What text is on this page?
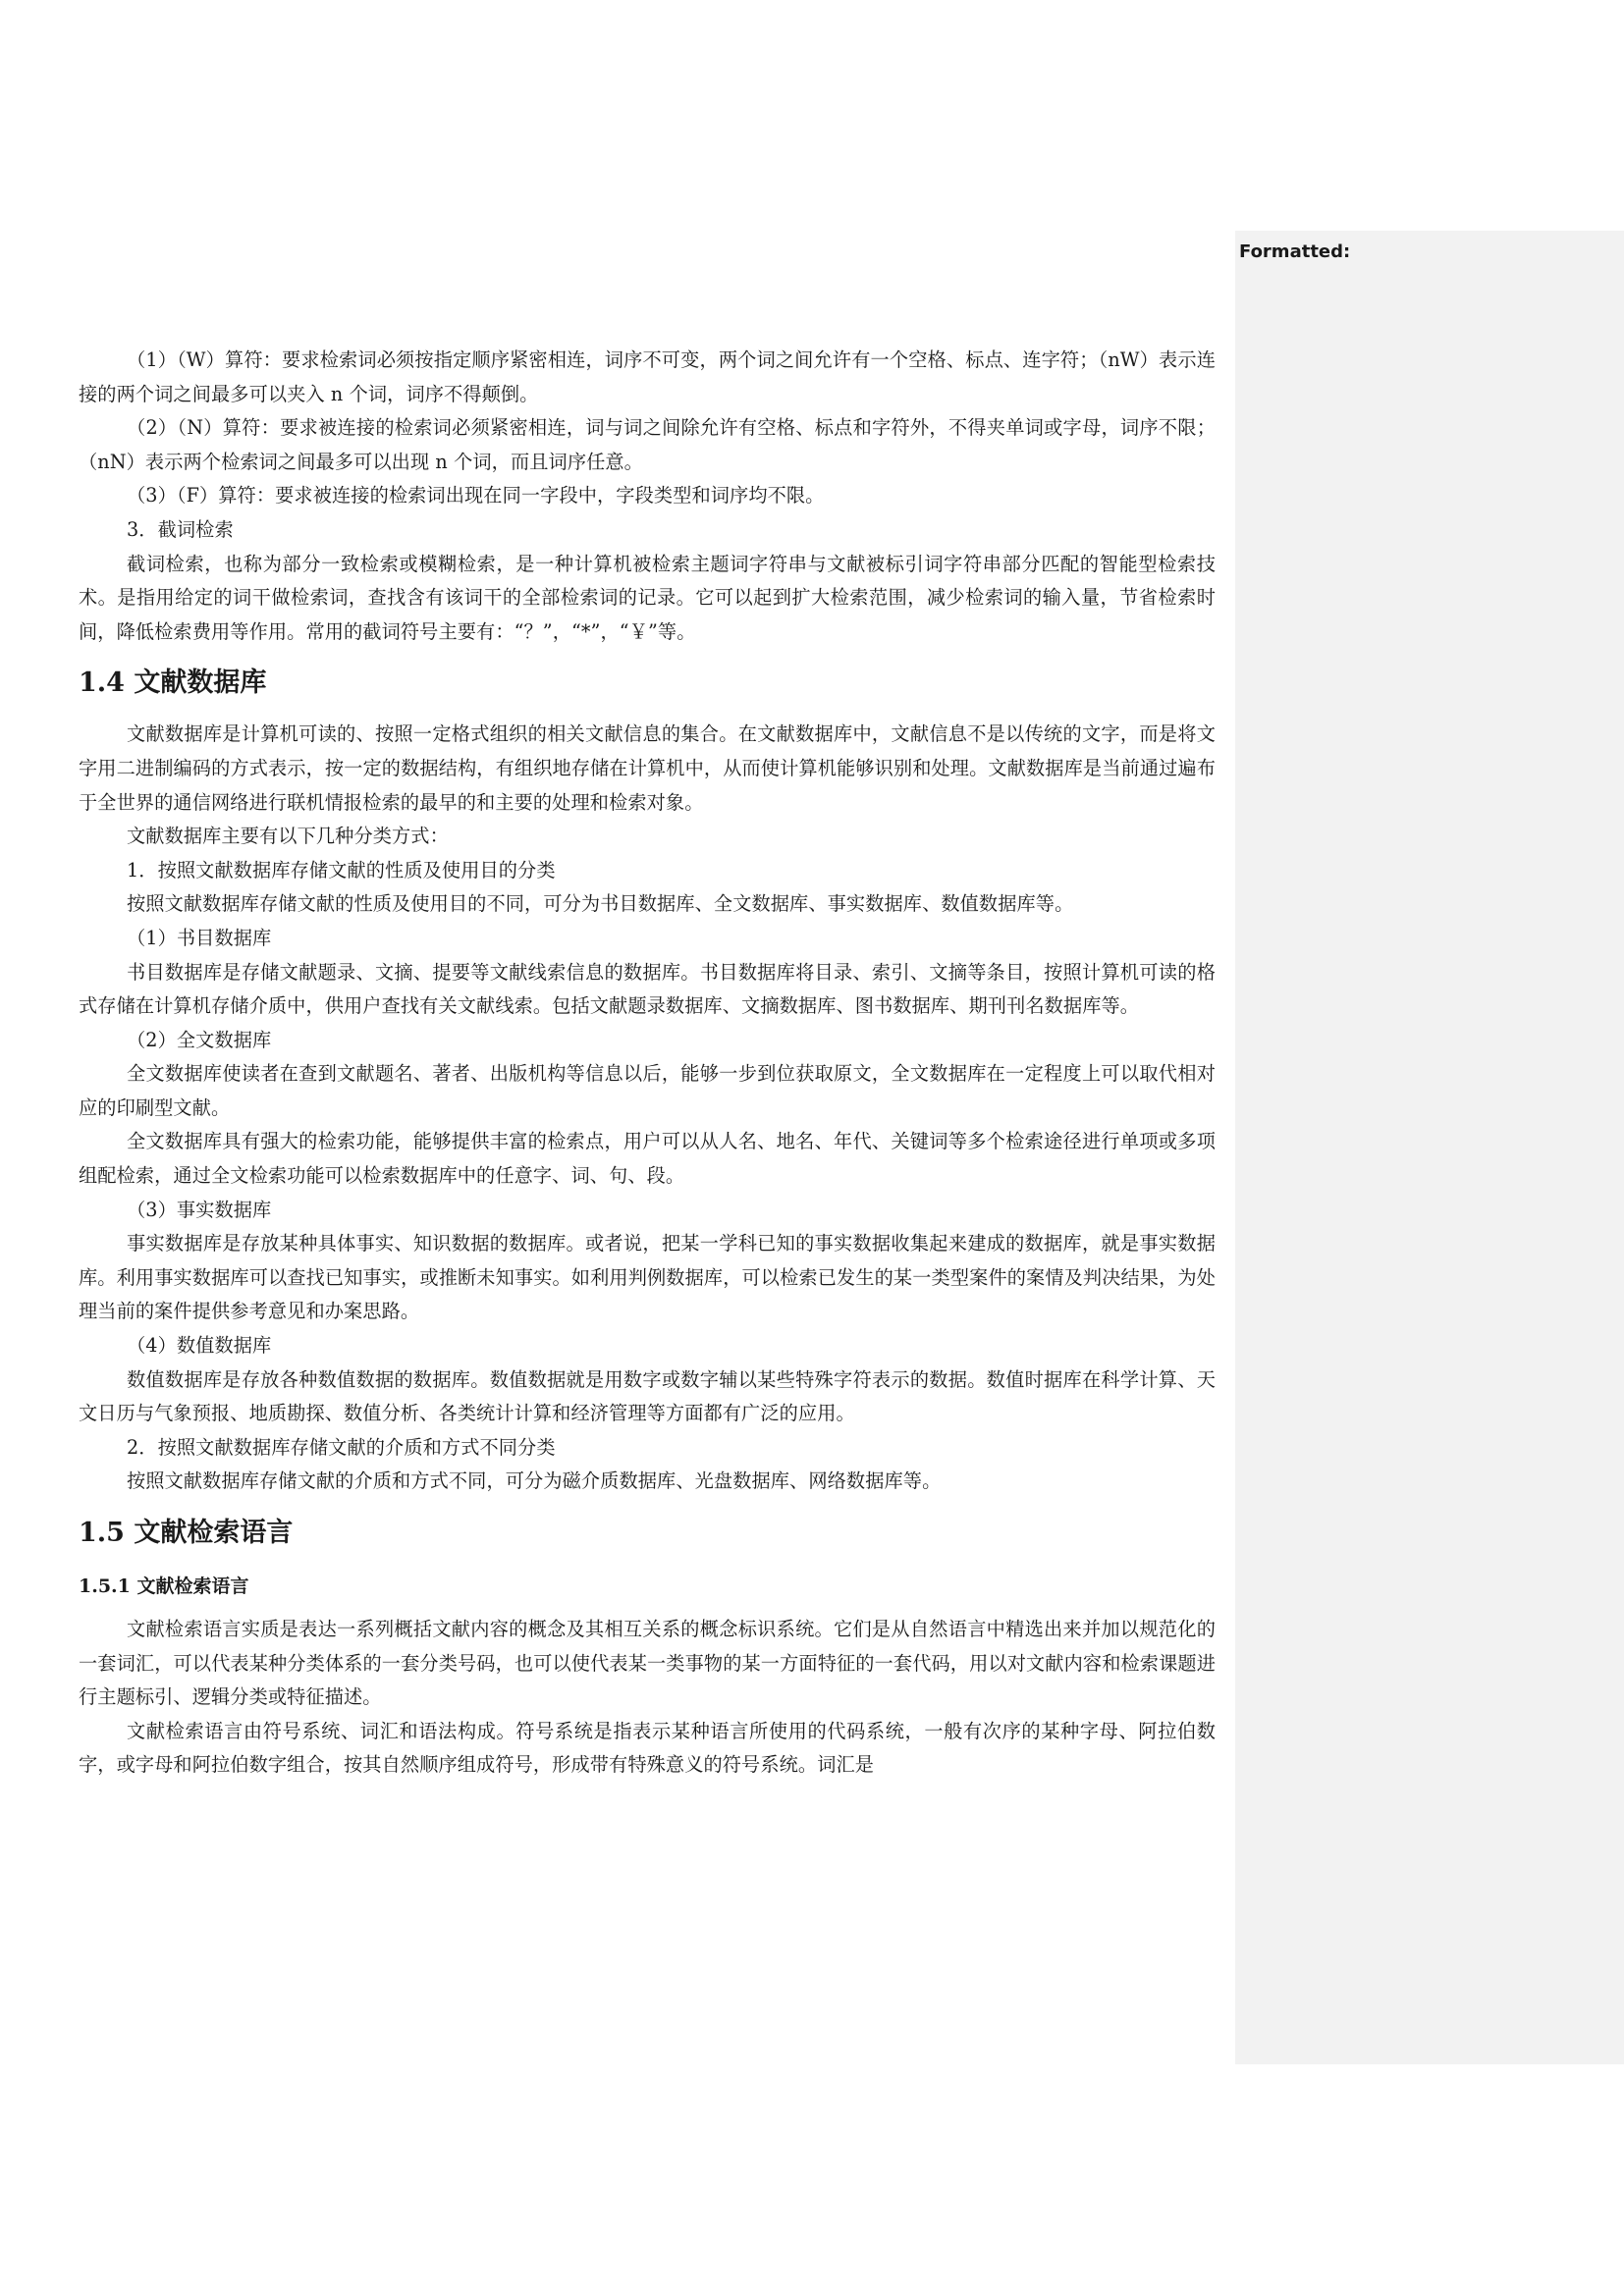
Formatted:

（1）（W）算符：要求检索词必须按指定顺序紧密相连，词序不可变，两个词之间允许有一个空格、标点、连字符；（nW）表示连接的两个词之间最多可以夹入 n 个词，词序不得颠倒。

（2）（N）算符：要求被连接的检索词必须紧密相连，词与词之间除允许有空格、标点和字符外，不得夹单词或字母，词序不限；（nN）表示两个检索词之间最多可以出现 n 个词，而且词序任意。

（3）（F）算符：要求被连接的检索词出现在同一字段中，字段类型和词序均不限。

3．截词检索

截词检索，也称为部分一致检索或模糊检索，是一种计算机被检索主题词字符串与文献被标引词字符串部分匹配的智能型检索技术。是指用给定的词干做检索词，查找含有该词干的全部检索词的记录。它可以起到扩大检索范围，减少检索词的输入量，节省检索时间，降低检索费用等作用。常用的截词符号主要有：“？”，“*”，“￥”等。

1.4 文献数据库

文献数据库是计算机可读的、按照一定格式组织的相关文献信息的集合。在文献数据库中，文献信息不是以传统的文字，而是将文字用二进制编码的方式表示，按一定的数据结构，有组织地存储在计算机中，从而使计算机能够识别和处理。文献数据库是当前通过遍布于全世界的通信网络进行联机情报检索的最早的和主要的处理和检索对象。

文献数据库主要有以下几种分类方式：

1．按照文献数据库存储文献的性质及使用目的分类

按照文献数据库存储文献的性质及使用目的不同，可分为书目数据库、全文数据库、事实数据库、数值数据库等。

（1）书目数据库

书目数据库是存储文献题录、文摘、提要等文献线索信息的数据库。书目数据库将目录、索引、文摘等条目，按照计算机可读的格式存储在计算机存储介质中，供用户查找有关文献线索。包括文献题录数据库、文摘数据库、图书数据库、期刊刊名数据库等。

（2）全文数据库

全文数据库使读者在查到文献题名、著者、出版机构等信息以后，能够一步到位获取原文，全文数据库在一定程度上可以取代相对应的印刷型文献。

全文数据库具有强大的检索功能，能够提供丰富的检索点，用户可以从人名、地名、年代、关键词等多个检索途径进行单项或多项组配检索，通过全文检索功能可以检索数据库中的任意字、词、句、段。

（3）事实数据库

事实数据库是存放某种具体事实、知识数据的数据库。或者说，把某一学科已知的事实数据收集起来建成的数据库，就是事实数据库。利用事实数据库可以查找已知事实，或推断未知事实。如利用判例数据库，可以检索已发生的某一类型案件的案情及判决结果，为处理当前的案件提供参考意见和办案思路。

（4）数值数据库

数值数据库是存放各种数值数据的数据库。数值数据就是用数字或数字辅以某些特殊字符表示的数据。数值时据库在科学计算、天文日历与气象预报、地质勘探、数值分析、各类统计计算和经济管理等方面都有广泛的应用。

2．按照文献数据库存储文献的介质和方式不同分类

按照文献数据库存储文献的介质和方式不同，可分为磁介质数据库、光盘数据库、网络数据库等。

1.5 文献检索语言
1.5.1 文献检索语言

文献检索语言实质是表达一系列概括文献内容的概念及其相互关系的概念标识系统。它们是从自然语言中精选出来并加以规范化的一套词汇，可以代表某种分类体系的一套分类号码，也可以使代表某一类事物的某一方面特征的一套代码，用以对文献内容和检索课题进行主题标引、逻辑分类或特征描述。

文献检索语言由符号系统、词汇和语法构成。符号系统是指表示某种语言所使用的代码系统，一般有次序的某种字母、阿拉伯数字，或字母和阿拉伯数字组合，按其自然顺序组成符号，形成带有特殊意义的符号系统。词汇是
